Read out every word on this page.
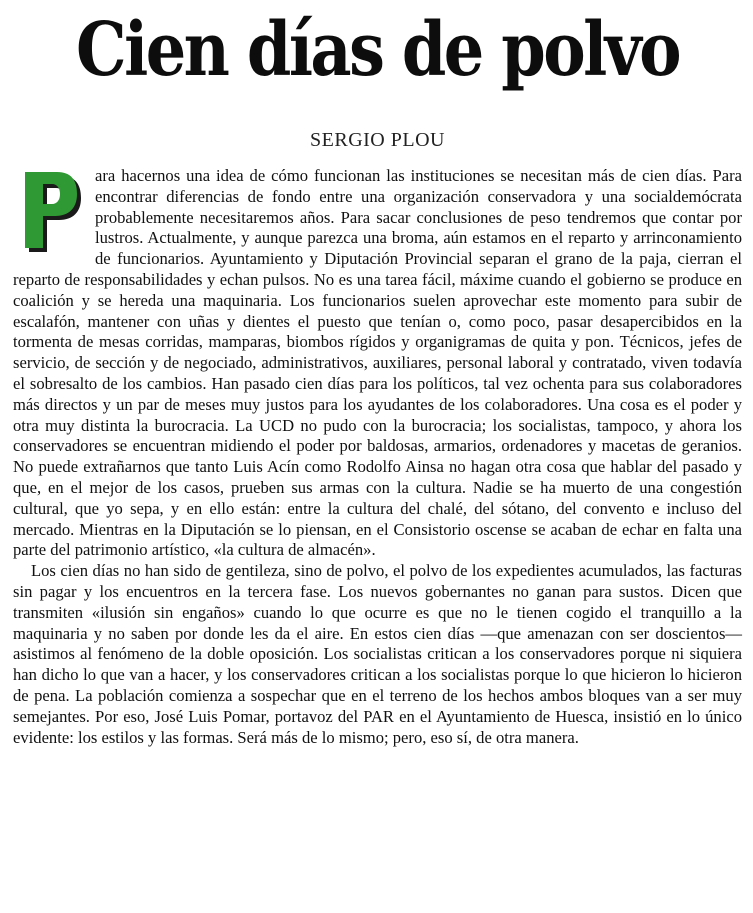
Cien días de polvo
SERGIO PLOU

ara hacernos una idea de cómo funcionan las instituciones se necesitan más de cien días. Para encontrar diferencias de fondo entre una organización conservadora y una socialdemócrata probablemente necesitaremos años. Para sacar conclusiones de peso tendremos que contar por lustros. Actualmente, y aunque parezca una broma, aún estamos en el reparto y arrinconamiento de funcionarios. Ayuntamiento y Diputación Provincial separan el grano de la paja, cierran el reparto de responsabilidades y echan pulsos. No es una tarea fácil, máxime cuando el gobierno se produce en coalición y se hereda una maquinaria. Los funcionarios suelen aprovechar este momento para subir de escalafón, mantener con uñas y dientes el puesto que tenían o, como poco, pasar desapercibidos en la tormenta de mesas corridas, mamparas, biombos rígidos y organigramas de quita y pon. Técnicos, jefes de servicio, de sección y de negociado, administrativos, auxiliares, personal laboral y contratado, viven todavía el sobresalto de los cambios. Han pasado cien días para los políticos, tal vez ochenta para sus colaboradores más directos y un par de meses muy justos para los ayudantes de los colaboradores. Una cosa es el poder y otra muy distinta la burocracia. La UCD no pudo con la burocracia; los socialistas, tampoco, y ahora los conservadores se encuentran midiendo el poder por baldosas, armarios, ordenadores y macetas de geranios. No puede extrañarnos que tanto Luis Acín como Rodolfo Ainsa no hagan otra cosa que hablar del pasado y que, en el mejor de los casos, prueben sus armas con la cultura. Nadie se ha muerto de una congestión cultural, que yo sepa, y en ello están: entre la cultura del chalé, del sótano, del convento e incluso del mercado. Mientras en la Diputación se lo piensan, en el Consistorio oscense se acaban de echar en falta una parte del patrimonio artístico, «la cultura de almacén».

Los cien días no han sido de gentileza, sino de polvo, el polvo de los expedientes acumulados, las facturas sin pagar y los encuentros en la tercera fase. Los nuevos gobernantes no ganan para sustos. Dicen que transmiten «ilusión sin engaños» cuando lo que ocurre es que no le tienen cogido el tranquillo a la maquinaria y no saben por donde les da el aire. En estos cien días —que amenazan con ser doscientos— asistimos al fenómeno de la doble oposición. Los socialistas critican a los conservadores porque ni siquiera han dicho lo que van a hacer, y los conservadores critican a los socialistas porque lo que hicieron lo hicieron de pena. La población comienza a sospechar que en el terreno de los hechos ambos bloques van a ser muy semejantes. Por eso, José Luis Pomar, portavoz del PAR en el Ayuntamiento de Huesca, insistió en lo único evidente: los estilos y las formas. Será más de lo mismo; pero, eso sí, de otra manera.
